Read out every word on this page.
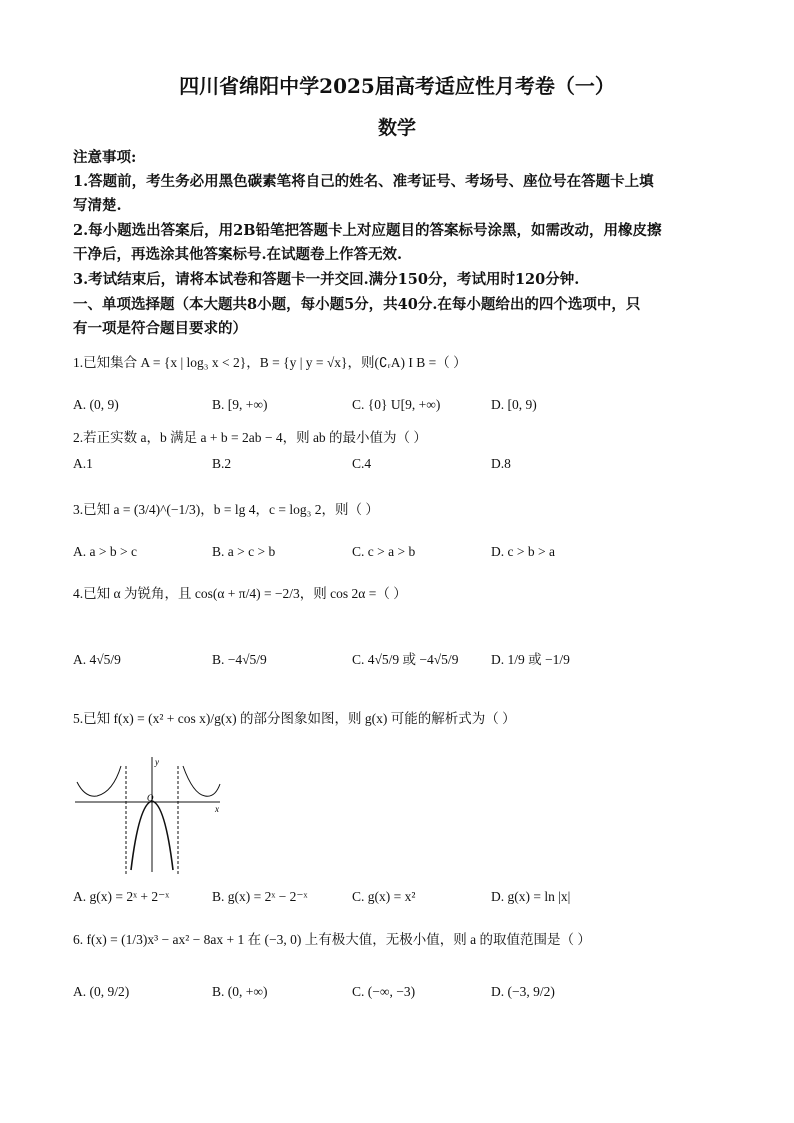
四川省绵阳中学2025届高考适应性月考卷（一）
数学
注意事项:
1.答题前，考生务必用黑色碳素笔将自己的姓名、准考证号、考场号、座位号在答题卡上填
写清楚.
2.每小题选出答案后，用2B铅笔把答题卡上对应题目的答案标号涂黑，如需改动，用橡皮擦
干净后，再选涂其他答案标号.在试题卷上作答无效.
3.考试结束后，请将本试卷和答题卡一并交回.满分150分，考试用时120分钟.
一、单项选择题（本大题共8小题，每小题5分，共40分.在每小题给出的四个选项中，只
有一项是符合题目要求的）
1.已知集合 A = {x | log₃ x < 2}，B = {y | y = √x}，则(∁ᵣA) I B =（ ）
A. (0, 9)	B. [9, +∞)	C. {0} U[9, +∞)	D. [0, 9)
2.若正实数 a，b 满足 a + b = 2ab − 4，则 ab 的最小值为（ ）
A.1	B.2	C.4	D.8
3.已知 a = (3/4)^(−1/3)，b = lg 4，c = log₃ 2，则（ ）
A. a > b > c	B. a > c > b	C. c > a > b	D. c > b > a
4.已知 α 为锐角，且 cos(α + π/4) = −2/3，则 cos 2α =（ ）
A. 4√5/9	B. −4√5/9	C. 4√5/9 或 −4√5/9 D. 1/9 或 −1/9
5.已知 f(x) = (x² + cos x)/g(x) 的部分图象如图，则 g(x) 可能的解析式为（ ）
y
x
O
A. g(x) = 2ˣ + 2⁻ˣ	B. g(x) = 2ˣ − 2⁻ˣ	C. g(x) = x²	D. g(x) = ln |x|
6. f(x) = (1/3)x³ − ax² − 8ax + 1 在 (−3, 0) 上有极大值，无极小值，则 a 的取值范围是（ ）
A. (0, 9/2)	B. (0, +∞)	C. (−∞, −3)	D. (−3, 9/2)
